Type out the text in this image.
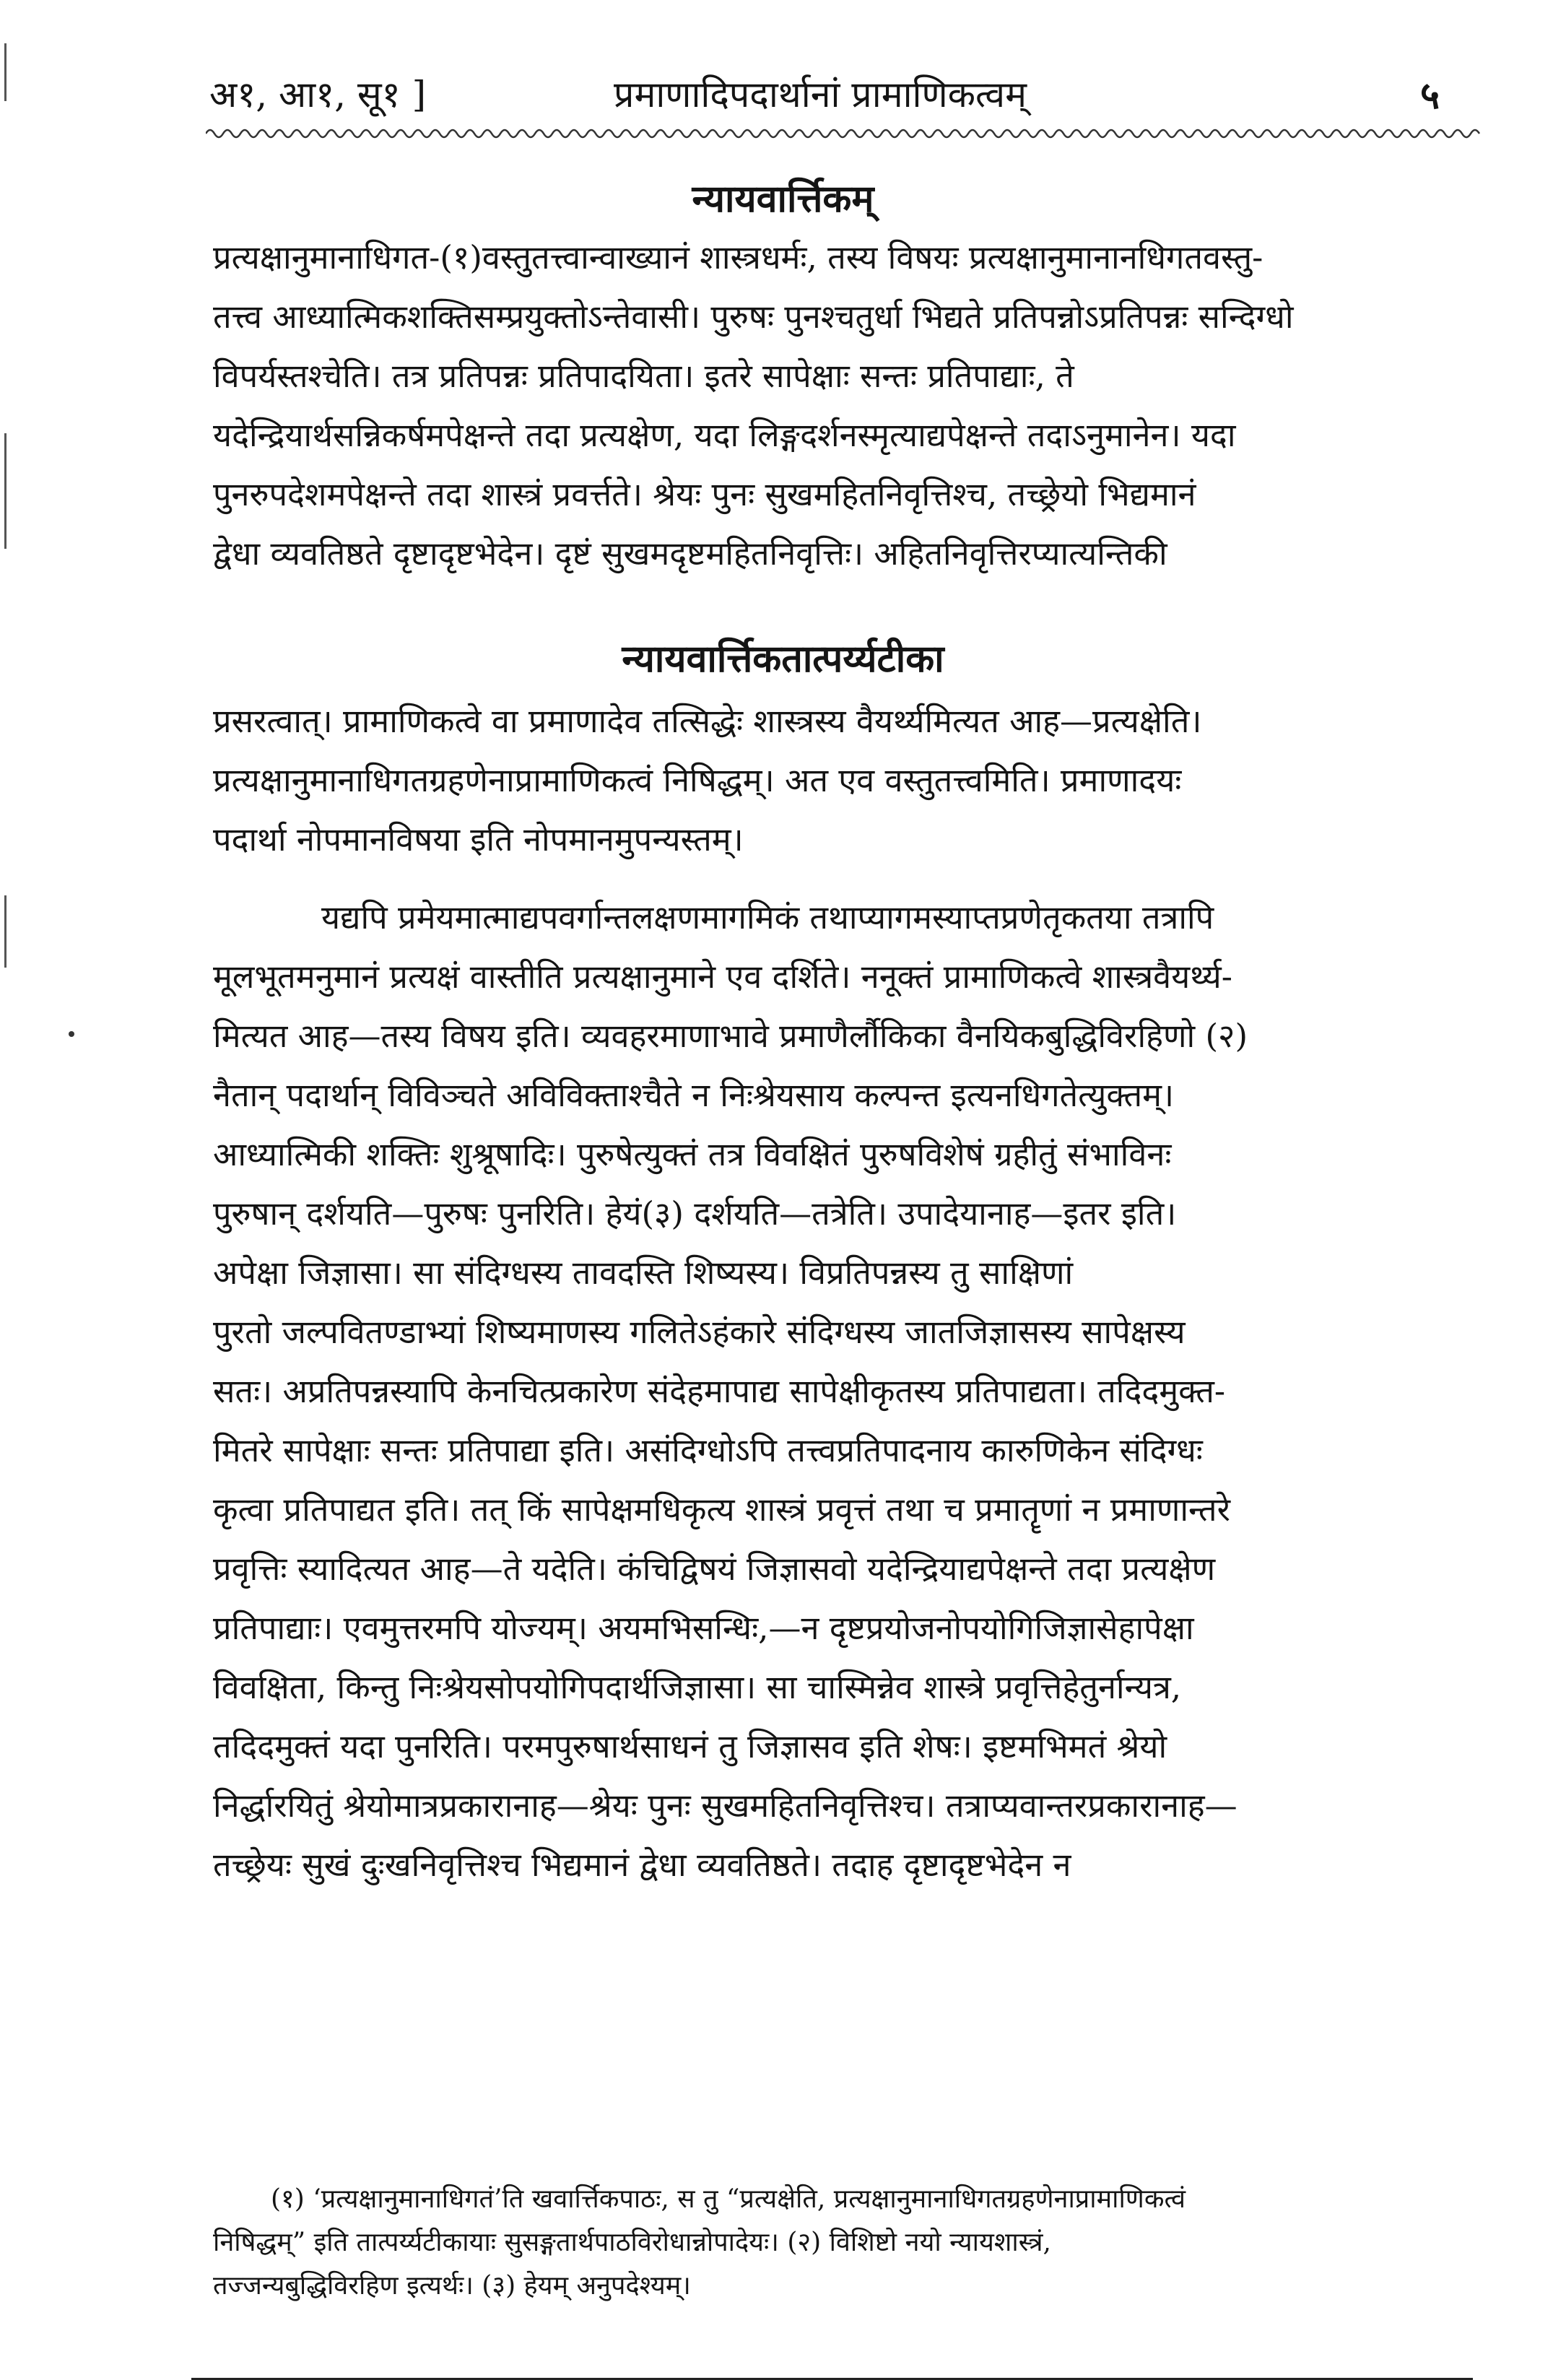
अ१, आ१, सू१ ]	प्रमाणादिपदार्थानां प्रामाणिकत्वम्	५
न्यायवार्त्तिकम्
प्रत्यक्षानुमानाधिगत-(१)वस्तुतत्त्वान्वाख्यानं शास्त्रधर्मः, तस्य विषयः प्रत्यक्षानुमानानधिगतवस्तु-
तत्त्व आध्यात्मिकशक्तिसम्प्रयुक्तोऽन्तेवासी। पुरुषः पुनश्चतुर्धा भिद्यते प्रतिपन्नोऽप्रतिपन्नः सन्दिग्धो
विपर्यस्तश्चेति। तत्र प्रतिपन्नः प्रतिपादयिता। इतरे सापेक्षाः सन्तः प्रतिपाद्याः, ते
यदेन्द्रियार्थसन्निकर्षमपेक्षन्ते तदा प्रत्यक्षेण, यदा लिङ्गदर्शनस्मृत्याद्यपेक्षन्ते तदाऽनुमानेन। यदा
पुनरुपदेशमपेक्षन्ते तदा शास्त्रं प्रवर्त्तते। श्रेयः पुनः सुखमहितनिवृत्तिश्च, तच्छ्रेयो भिद्यमानं
द्वेधा व्यवतिष्ठते दृष्टादृष्टभेदेन। दृष्टं सुखमदृष्टमहितनिवृत्तिः। अहितनिवृत्तिरप्यात्यन्तिकी
न्यायवार्त्तिकतात्पर्य्यटीका
प्रसरत्वात्। प्रामाणिकत्वे वा प्रमाणादेव तत्सिद्धेः शास्त्रस्य वैयर्थ्यमित्यत आह—प्रत्यक्षेति।
प्रत्यक्षानुमानाधिगतग्रहणेनाप्रामाणिकत्वं निषिद्धम्। अत एव वस्तुतत्त्वमिति। प्रमाणादयः
पदार्था नोपमानविषया इति नोपमानमुपन्यस्तम्।
यद्यपि प्रमेयमात्माद्यपवर्गान्तलक्षणमागमिकं तथाप्यागमस्याप्तप्रणेतृकतया तत्रापि
मूलभूतमनुमानं प्रत्यक्षं वास्तीति प्रत्यक्षानुमाने एव दर्शिते। ननूक्तं प्रामाणिकत्वे शास्त्रवैयर्थ्य-
मित्यत आह—तस्य विषय इति। व्यवहरमाणाभावे प्रमाणैर्लौकिका वैनयिकबुद्धिविरहिणो (२)
नैतान् पदार्थान् विविञ्चते अविविक्ताश्चैते न निःश्रेयसाय कल्पन्त इत्यनधिगतेत्युक्तम्।
आध्यात्मिकी शक्तिः शुश्रूषादिः। पुरुषेत्युक्तं तत्र विवक्षितं पुरुषविशेषं ग्रहीतुं संभाविनः
पुरुषान् दर्शयति—पुरुषः पुनरिति। हेयं(३) दर्शयति—तत्रेति। उपादेयानाह—इतर इति।
अपेक्षा जिज्ञासा। सा संदिग्धस्य तावदस्ति शिष्यस्य। विप्रतिपन्नस्य तु साक्षिणां
पुरतो जल्पवितण्डाभ्यां शिष्यमाणस्य गलितेऽहंकारे संदिग्धस्य जातजिज्ञासस्य सापेक्षस्य
सतः। अप्रतिपन्नस्यापि केनचित्प्रकारेण संदेहमापाद्य सापेक्षीकृतस्य प्रतिपाद्यता। तदिदमुक्त-
मितरे सापेक्षाः सन्तः प्रतिपाद्या इति। असंदिग्धोऽपि तत्त्वप्रतिपादनाय कारुणिकेन संदिग्धः
कृत्वा प्रतिपाद्यत इति। तत् किं सापेक्षमधिकृत्य शास्त्रं प्रवृत्तं तथा च प्रमातॄणां न प्रमाणान्तरे
प्रवृत्तिः स्यादित्यत आह—ते यदेति। कंचिद्विषयं जिज्ञासवो यदेन्द्रियाद्यपेक्षन्ते तदा प्रत्यक्षेण
प्रतिपाद्याः। एवमुत्तरमपि योज्यम्। अयमभिसन्धिः,—न दृष्टप्रयोजनोपयोगिजिज्ञासेहापेक्षा
विवक्षिता, किन्तु निःश्रेयसोपयोगिपदार्थजिज्ञासा। सा चास्मिन्नेव शास्त्रे प्रवृत्तिहेतुर्नान्यत्र,
तदिदमुक्तं यदा पुनरिति। परमपुरुषार्थसाधनं तु जिज्ञासव इति शेषः। इष्टमभिमतं श्रेयो
निर्द्धारयितुं श्रेयोमात्रप्रकारानाह—श्रेयः पुनः सुखमहितनिवृत्तिश्च। तत्राप्यवान्तरप्रकारानाह—
तच्छ्रेयः सुखं दुःखनिवृत्तिश्च भिद्यमानं द्वेधा व्यवतिष्ठते। तदाह दृष्टादृष्टभेदेन न
(१) ‘प्रत्यक्षानुमानाधिगतं’ति खवार्त्तिकपाठः, स तु “प्रत्यक्षेति, प्रत्यक्षानुमानाधिगतग्रहणेनाप्रामाणिकत्वं
निषिद्धम्” इति तात्पर्य्यटीकायाः सुसङ्गतार्थपाठविरोधान्नोपादेयः। (२) विशिष्टो नयो न्यायशास्त्रं,
तज्जन्यबुद्धिविरहिण इत्यर्थः। (३) हेयम् अनुपदेश्यम्।
